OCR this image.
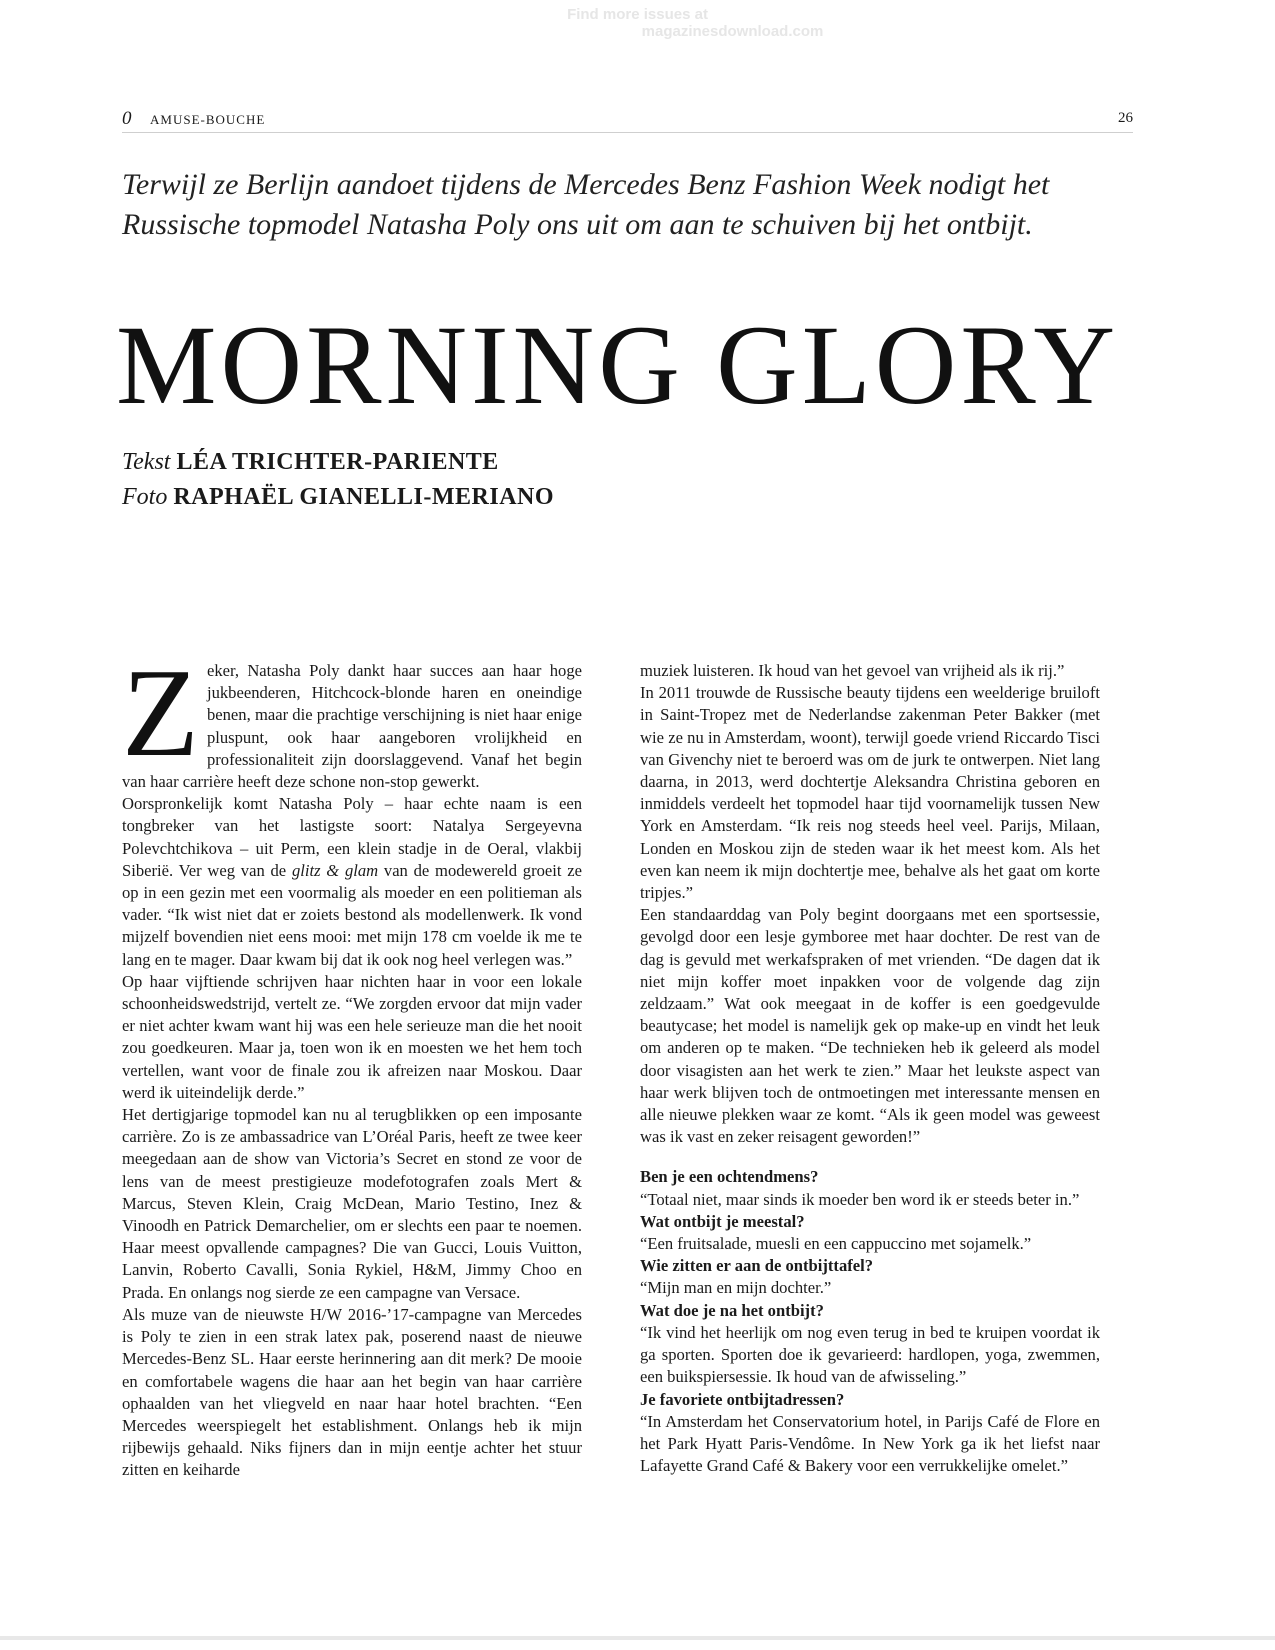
Find more issues at
magazinesdownload.com
0 AMUSE-BOUCHE	26
Terwijl ze Berlijn aandoet tijdens de Mercedes Benz Fashion Week nodigt het Russische topmodel Natasha Poly ons uit om aan te schuiven bij het ontbijt.
MORNING GLORY
Tekst LÉA TRICHTER-PARIENTE
Foto RAPHAËL GIANELLI-MERIANO

Zeker, Natasha Poly dankt haar succes aan haar hoge jukbeenderen, Hitchcock-blonde haren en oneindige benen, maar die prachtige verschijning is niet haar enige pluspunt, ook haar aangeboren vrolijkheid en professionaliteit zijn doorslaggevend. Vanaf het begin van haar carrière heeft deze schone non-stop gewerkt.

Oorspronkelijk komt Natasha Poly – haar echte naam is een tongbreker van het lastigste soort: Natalya Sergeyevna Polevchtchikova – uit Perm, een klein stadje in de Oeral, vlakbij Siberië. Ver weg van de glitz & glam van de modewereld groeit ze op in een gezin met een voormalig als moeder en een politieman als vader. “Ik wist niet dat er zoiets bestond als modellenwerk. Ik vond mijzelf bovendien niet eens mooi: met mijn 178 cm voelde ik me te lang en te mager. Daar kwam bij dat ik ook nog heel verlegen was.”

Op haar vijftiende schrijven haar nichten haar in voor een lokale schoonheidswedstrijd, vertelt ze. “We zorgden ervoor dat mijn vader er niet achter kwam want hij was een hele serieuze man die het nooit zou goedkeuren. Maar ja, toen won ik en moesten we het hem toch vertellen, want voor de finale zou ik afreizen naar Moskou. Daar werd ik uiteindelijk derde.”

Het dertigjarige topmodel kan nu al terugblikken op een imposante carrière. Zo is ze ambassadrice van L’Oréal Paris, heeft ze twee keer meegedaan aan de show van Victoria’s Secret en stond ze voor de lens van de meest prestigieuze modefotografen zoals Mert & Marcus, Steven Klein, Craig McDean, Mario Testino, Inez & Vinoodh en Patrick Demarchelier, om er slechts een paar te noemen. Haar meest opvallende campagnes? Die van Gucci, Louis Vuitton, Lanvin, Roberto Cavalli, Sonia Rykiel, H&M, Jimmy Choo en Prada. En onlangs nog sierde ze een campagne van Versace.

Als muze van de nieuwste H/W 2016-’17-campagne van Mercedes is Poly te zien in een strak latex pak, poserend naast de nieuwe Mercedes-Benz SL. Haar eerste herinnering aan dit merk? De mooie en comfortabele wagens die haar aan het begin van haar carrière ophaalden van het vliegveld en naar haar hotel brachten. “Een Mercedes weerspiegelt het establishment. Onlangs heb ik mijn rijbewijs gehaald. Niks fijners dan in mijn eentje achter het stuur zitten en keiharde

muziek luisteren. Ik houd van het gevoel van vrijheid als ik rij.”

In 2011 trouwde de Russische beauty tijdens een weelderige bruiloft in Saint-Tropez met de Nederlandse zakenman Peter Bakker (met wie ze nu in Amsterdam, woont), terwijl goede vriend Riccardo Tisci van Givenchy niet te beroerd was om de jurk te ontwerpen. Niet lang daarna, in 2013, werd dochtertje Aleksandra Christina geboren en inmiddels verdeelt het topmodel haar tijd voornamelijk tussen New York en Amsterdam. “Ik reis nog steeds heel veel. Parijs, Milaan, Londen en Moskou zijn de steden waar ik het meest kom. Als het even kan neem ik mijn dochtertje mee, behalve als het gaat om korte tripjes.”

Een standaarddag van Poly begint doorgaans met een sportsessie, gevolgd door een lesje gymboree met haar dochter. De rest van de dag is gevuld met werkafspraken of met vrienden. “De dagen dat ik niet mijn koffer moet inpakken voor de volgende dag zijn zeldzaam.” Wat ook meegaat in de koffer is een goedgevulde beautycase; het model is namelijk gek op make-up en vindt het leuk om anderen op te maken. “De technieken heb ik geleerd als model door visagisten aan het werk te zien.” Maar het leukste aspect van haar werk blijven toch de ontmoetingen met interessante mensen en alle nieuwe plekken waar ze komt. “Als ik geen model was geweest was ik vast en zeker reisagent geworden!”

Ben je een ochtendmens?
“Totaal niet, maar sinds ik moeder ben word ik er steeds beter in.”
Wat ontbijt je meestal?
“Een fruitsalade, muesli en een cappuccino met sojamelk.”
Wie zitten er aan de ontbijttafel?
“Mijn man en mijn dochter.”
Wat doe je na het ontbijt?
“Ik vind het heerlijk om nog even terug in bed te kruipen voordat ik ga sporten. Sporten doe ik gevarieerd: hardlopen, yoga, zwemmen, een buikspiersessie. Ik houd van de afwisseling.”
Je favoriete ontbijtadressen?
“In Amsterdam het Conservatorium hotel, in Parijs Café de Flore en het Park Hyatt Paris-Vendôme. In New York ga ik het liefst naar Lafayette Grand Café & Bakery voor een verrukkelijke omelet.”
